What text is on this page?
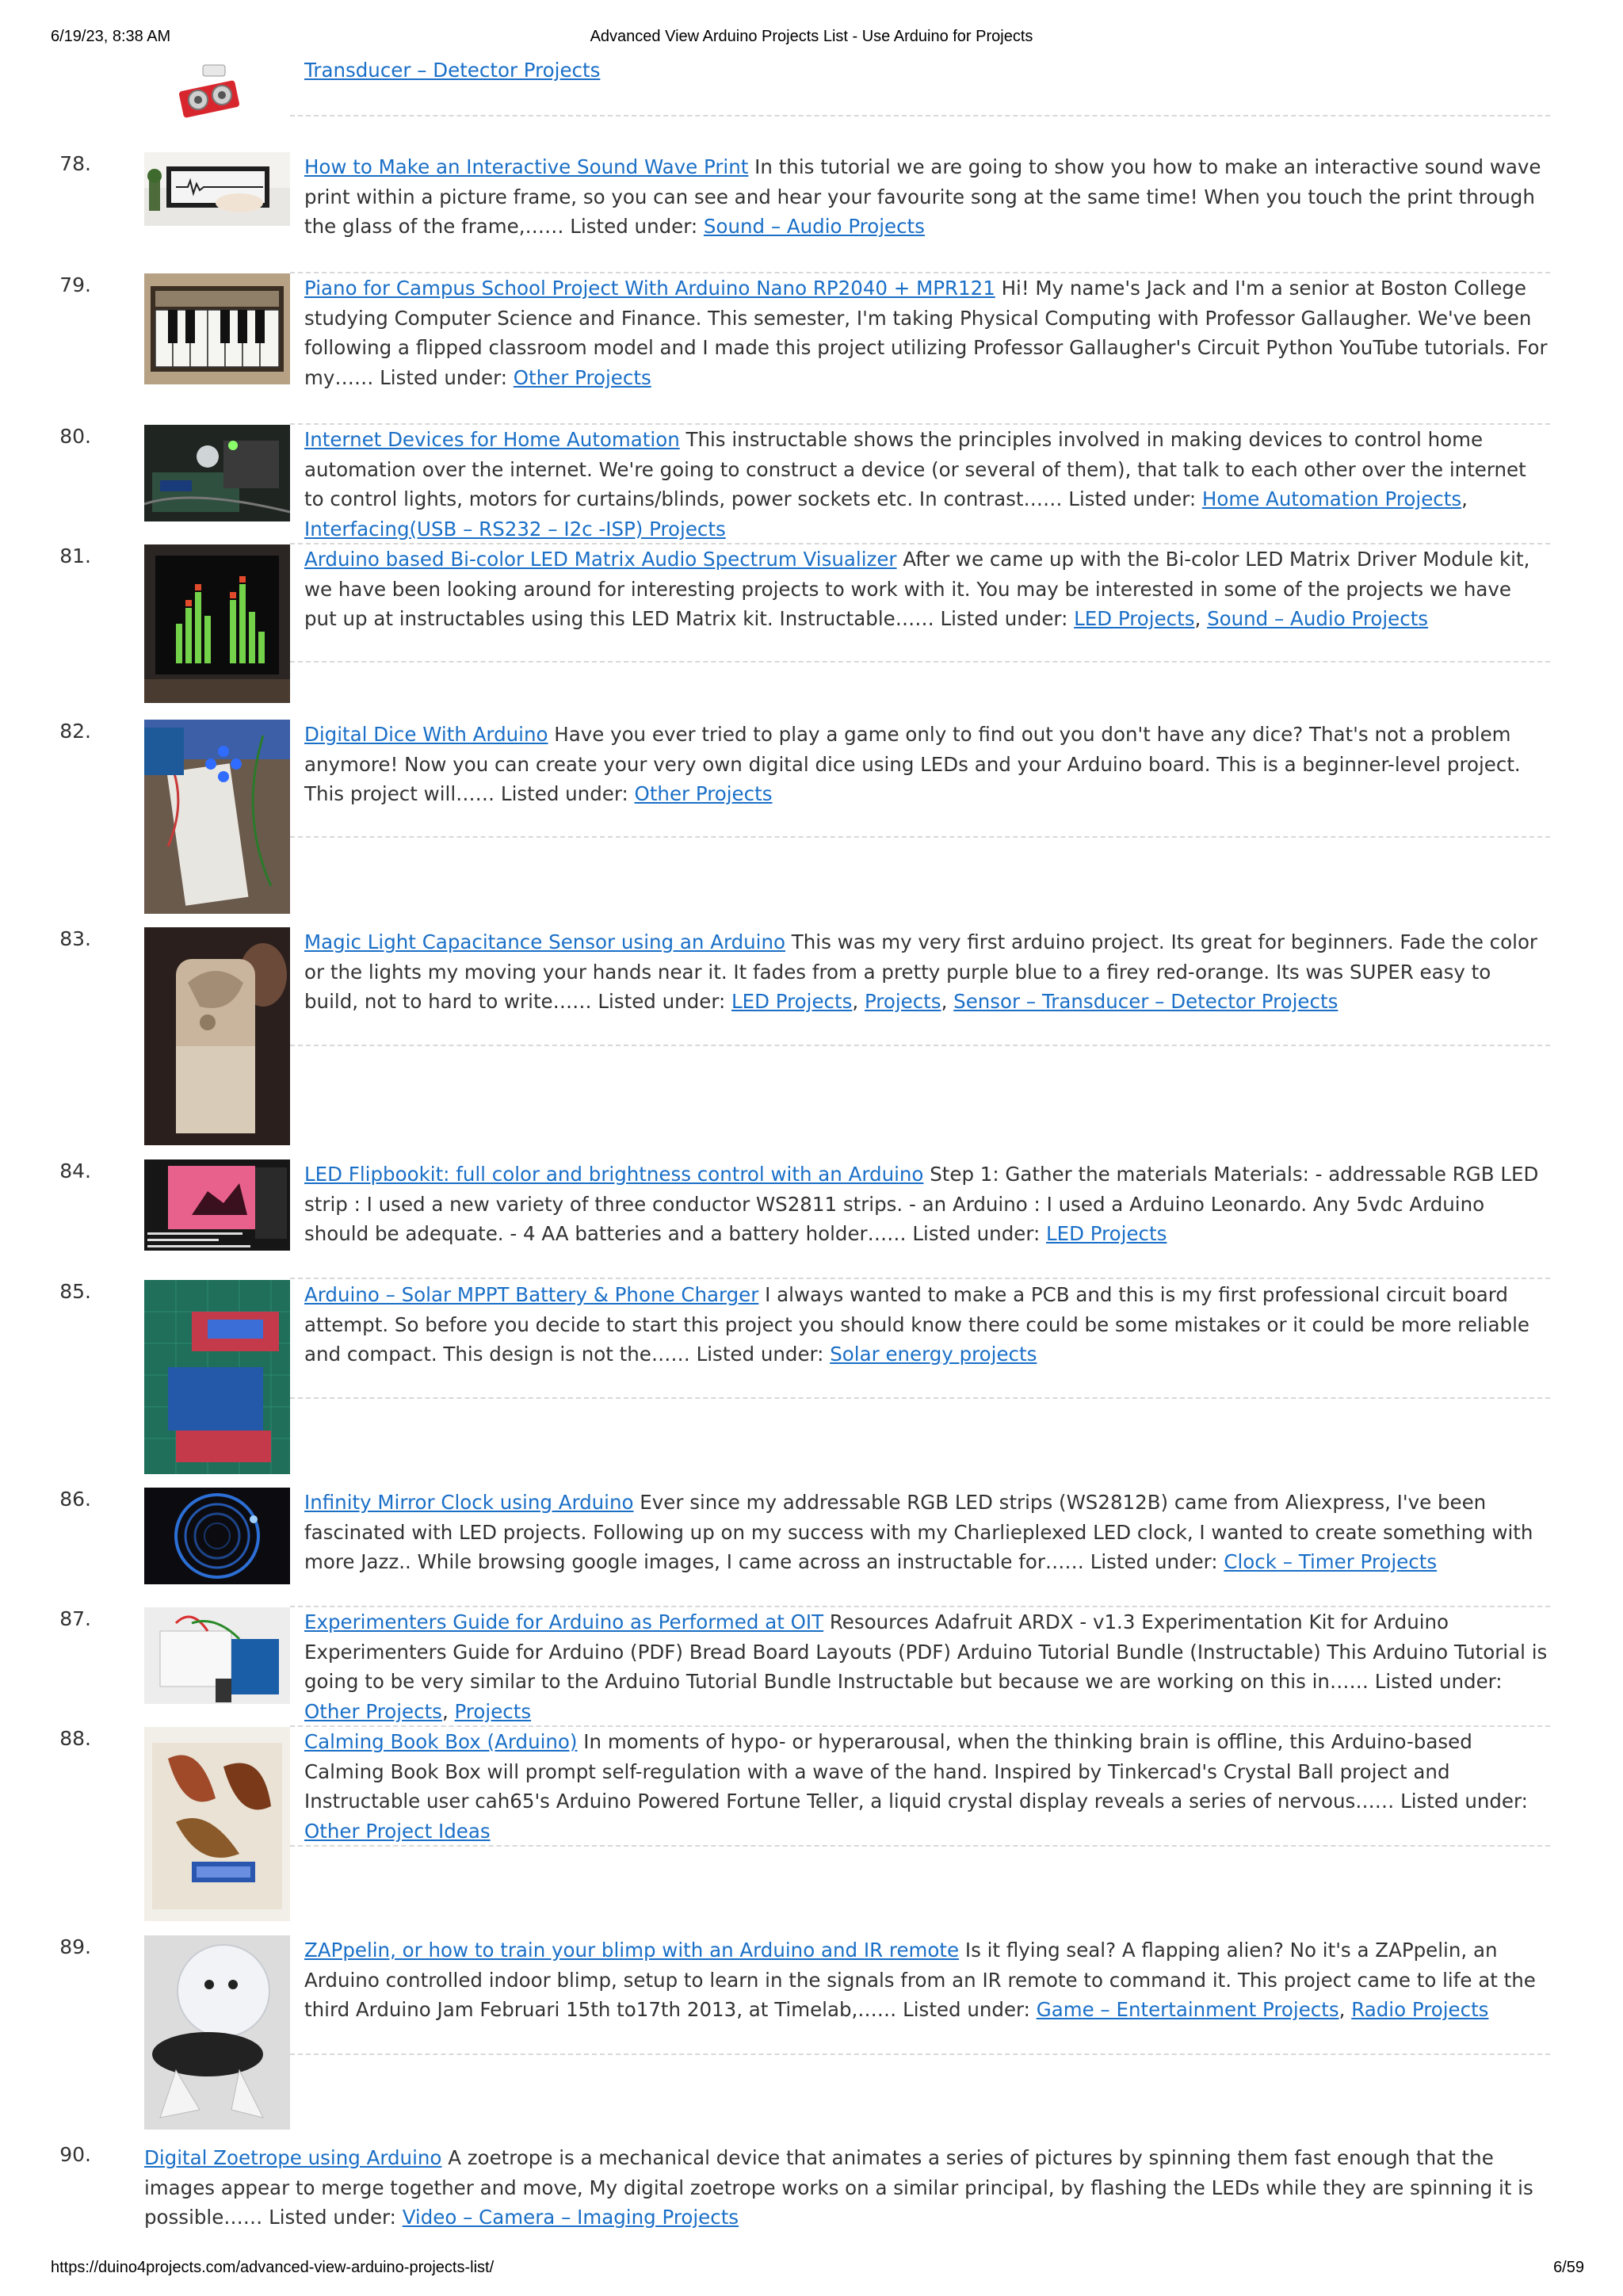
Advanced View Arduino Projects List - Use Arduino for Projects
6/19/23, 8:38 AM
Transducer – Detector Projects
78.	How to Make an Interactive Sound Wave Print In this tutorial we are going to show you how to make an interactive sound wave print within a picture frame, so you can see and hear your favourite song at the same time! When you touch the print through the glass of the frame,…… Listed under: Sound – Audio Projects
79.	Piano for Campus School Project With Arduino Nano RP2040 + MPR121 Hi! My name's Jack and I'm a senior at Boston College studying Computer Science and Finance. This semester, I'm taking Physical Computing with Professor Gallaugher. We've been following a flipped classroom model and I made this project utilizing Professor Gallaugher's Circuit Python YouTube tutorials. For my…… Listed under: Other Projects
80.	Internet Devices for Home Automation This instructable shows the principles involved in making devices to control home automation over the internet. We're going to construct a device (or several of them), that talk to each other over the internet to control lights, motors for curtains/blinds, power sockets etc. In contrast…… Listed under: Home Automation Projects, Interfacing(USB – RS232 – I2c -ISP) Projects
81.	Arduino based Bi-color LED Matrix Audio Spectrum Visualizer After we came up with the Bi-color LED Matrix Driver Module kit, we have been looking around for interesting projects to work with it. You may be interested in some of the projects we have put up at instructables using this LED Matrix kit. Instructable…… Listed under: LED Projects, Sound – Audio Projects
82.	Digital Dice With Arduino Have you ever tried to play a game only to find out you don't have any dice? That's not a problem anymore! Now you can create your very own digital dice using LEDs and your Arduino board. This is a beginner-level project. This project will…… Listed under: Other Projects
83.	Magic Light Capacitance Sensor using an Arduino This was my very first arduino project. Its great for beginners. Fade the color or the lights my moving your hands near it. It fades from a pretty purple blue to a firey red-orange. Its was SUPER easy to build, not to hard to write…… Listed under: LED Projects, Projects, Sensor – Transducer – Detector Projects
84.	LED Flipbookit: full color and brightness control with an Arduino Step 1: Gather the materials Materials: - addressable RGB LED strip : I used a new variety of three conductor WS2811 strips. - an Arduino : I used a Arduino Leonardo. Any 5vdc Arduino should be adequate. - 4 AA batteries and a battery holder…… Listed under: LED Projects
85.	Arduino – Solar MPPT Battery & Phone Charger I always wanted to make a PCB and this is my first professional circuit board attempt. So before you decide to start this project you should know there could be some mistakes or it could be more reliable and compact. This design is not the…… Listed under: Solar energy projects
86.	Infinity Mirror Clock using Arduino Ever since my addressable RGB LED strips (WS2812B) came from Aliexpress, I've been fascinated with LED projects. Following up on my success with my Charlieplexed LED clock, I wanted to create something with more Jazz.. While browsing google images, I came across an instructable for…… Listed under: Clock – Timer Projects
87.	Experimenters Guide for Arduino as Performed at OIT Resources Adafruit ARDX - v1.3 Experimentation Kit for Arduino Experimenters Guide for Arduino (PDF) Bread Board Layouts (PDF) Arduino Tutorial Bundle (Instructable) This Arduino Tutorial is going to be very similar to the Arduino Tutorial Bundle Instructable but because we are working on this in…… Listed under: Other Projects, Projects
88.	Calming Book Box (Arduino) In moments of hypo- or hyperarousal, when the thinking brain is offline, this Arduino-based Calming Book Box will prompt self-regulation with a wave of the hand. Inspired by Tinkercad's Crystal Ball project and Instructable user cah65's Arduino Powered Fortune Teller, a liquid crystal display reveals a series of nervous…… Listed under: Other Project Ideas
89.	ZAPpelin, or how to train your blimp with an Arduino and IR remote Is it flying seal? A flapping alien? No it's a ZAPpelin, an Arduino controlled indoor blimp, setup to learn in the signals from an IR remote to command it. This project came to life at the third Arduino Jam Februari 15th to17th 2013, at Timelab,…… Listed under: Game – Entertainment Projects, Radio Projects
90.	Digital Zoetrope using Arduino A zoetrope is a mechanical device that animates a series of pictures by spinning them fast enough that the images appear to merge together and move, My digital zoetrope works on a similar principal, by flashing the LEDs while they are spinning it is possible…… Listed under: Video – Camera – Imaging Projects
https://duino4projects.com/advanced-view-arduino-projects-list/	6/59
